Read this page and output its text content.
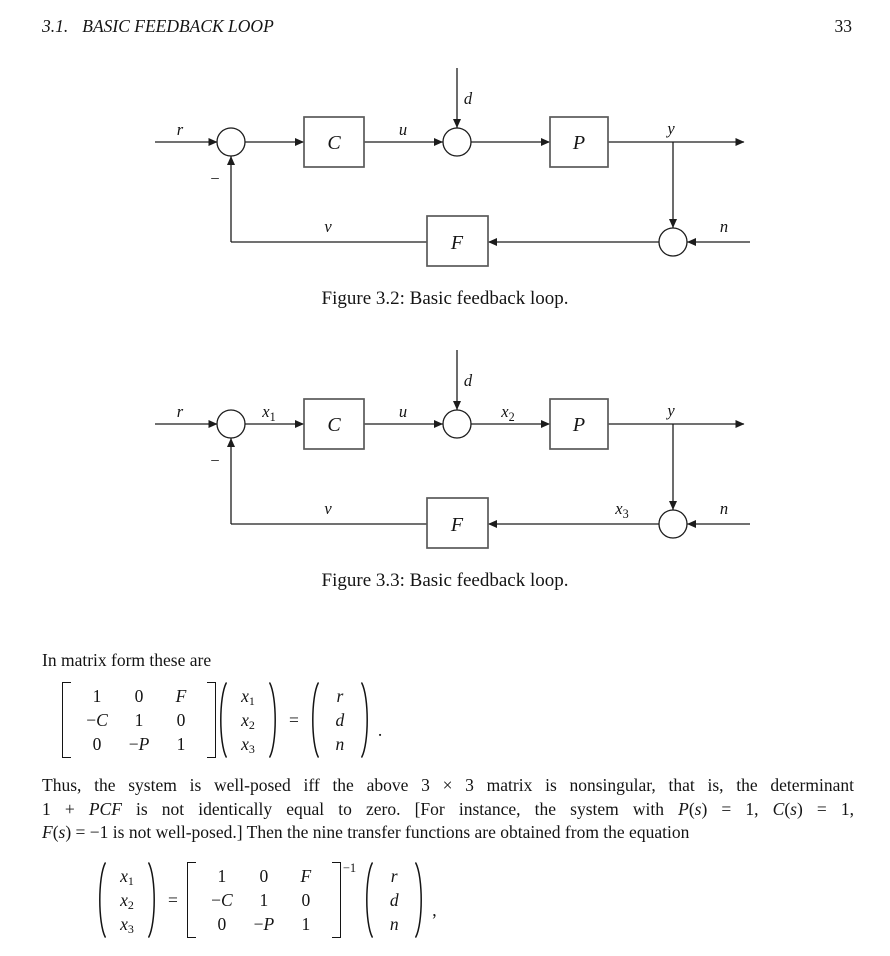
3.1. BASIC FEEDBACK LOOP	33
r	u
d
y
n
v
−
C	P
F
Figure 3.2: Basic feedback loop.
r	$x_1$	u
d
$x_2$	y
$x_3$	n
v
−
C	P
F
Figure 3.3: Basic feedback loop.
In matrix form these are
1 0 F
−C 1 0
0 −P 1
$x_1$
$x_2$
$x_3$
=
r
d
n
.
Thus, the system is well-posed iff the above 3 × 3 matrix is nonsingular, that is, the determinant
1 + PCF is not identically equal to zero. [For instance, the system with P(s) = 1, C(s) = 1,
F(s) = −1 is not well-posed.] Then the nine transfer functions are obtained from the equation
$x_1$
$x_2$
$x_3$
=
1 0 F
−C 1 0
0 −P 1
−1 r
d
n
,
